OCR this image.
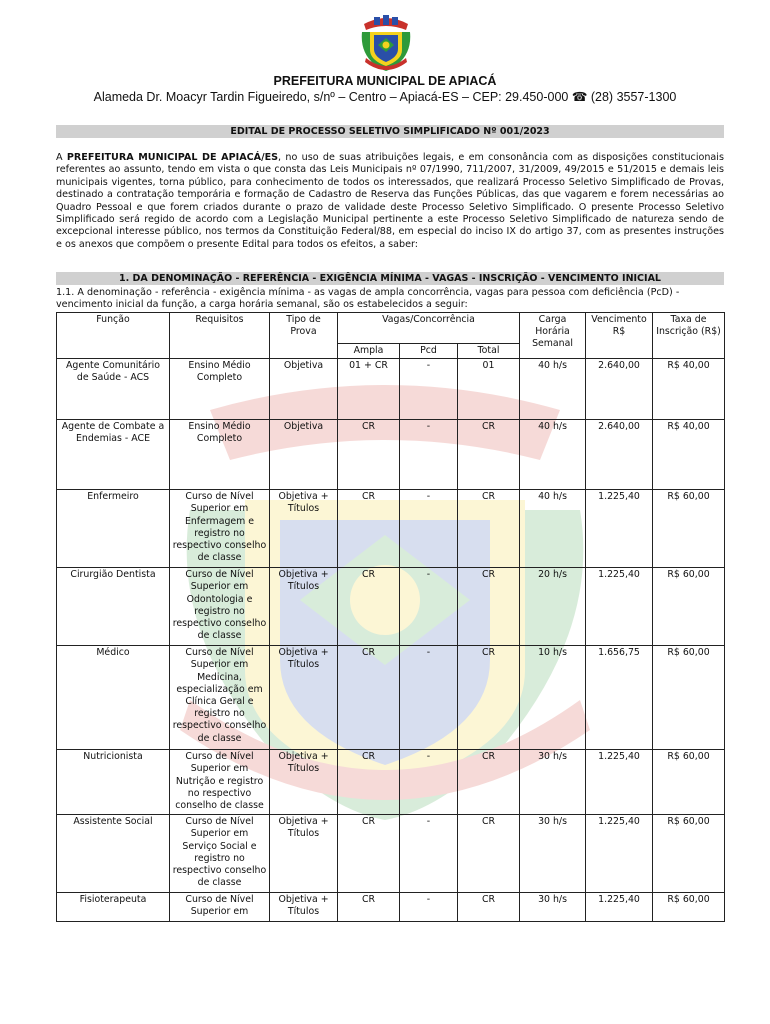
PREFEITURA MUNICIPAL DE APIACÁ
Alameda Dr. Moacyr Tardin Figueiredo, s/nº – Centro – Apiacá-ES – CEP: 29.450-000 ☎ (28) 3557-1300
EDITAL DE PROCESSO SELETIVO SIMPLIFICADO Nº 001/2023
A PREFEITURA MUNICIPAL DE APIACÁ/ES, no uso de suas atribuições legais, e em consonância com as disposições constitucionais referentes ao assunto, tendo em vista o que consta das Leis Municipais nº 07/1990, 711/2007, 31/2009, 49/2015 e 51/2015 e demais leis municipais vigentes, torna público, para conhecimento de todos os interessados, que realizará Processo Seletivo Simplificado de Provas, destinado a contratação temporária e formação de Cadastro de Reserva das Funções Públicas, das que vagarem e forem necessárias ao Quadro Pessoal e que forem criados durante o prazo de validade deste Processo Seletivo Simplificado. O presente Processo Seletivo Simplificado será regido de acordo com a Legislação Municipal pertinente a este Processo Seletivo Simplificado de natureza sendo de excepcional interesse público, nos termos da Constituição Federal/88, em especial do inciso IX do artigo 37, com as presentes instruções e os anexos que compõem o presente Edital para todos os efeitos, a saber:
1. DA DENOMINAÇÃO - REFERÊNCIA - EXIGÊNCIA MÍNIMA - VAGAS - INSCRIÇÃO - VENCIMENTO INICIAL
1.1. A denominação - referência - exigência mínima - as vagas de ampla concorrência, vagas para pessoa com deficiência (PcD) - vencimento inicial da função, a carga horária semanal, são os estabelecidos a seguir:
Função	Requisitos	Tipo de Prova	Vagas/Concorrência			Carga Horária Semanal	Vencimento R$	Taxa de Inscrição (R$)
			Ampla	Pcd	Total			
Agente Comunitário de Saúde - ACS	Ensino Médio Completo	Objetiva	01 + CR	-	01	40 h/s	2.640,00	R$ 40,00
Agente de Combate a Endemias - ACE	Ensino Médio Completo	Objetiva	CR	-	CR	40 h/s	2.640,00	R$ 40,00
Enfermeiro	Curso de Nível Superior em Enfermagem e registro no respectivo conselho de classe	Objetiva + Títulos	CR	-	CR	40 h/s	1.225,40	R$ 60,00
Cirurgião Dentista	Curso de Nível Superior em Odontologia e registro no respectivo conselho de classe	Objetiva + Títulos	CR	-	CR	20 h/s	1.225,40	R$ 60,00
Médico	Curso de Nível Superior em Medicina, especialização em Clínica Geral e registro no respectivo conselho de classe	Objetiva + Títulos	CR	-	CR	10 h/s	1.656,75	R$ 60,00
Nutricionista	Curso de Nível Superior em Nutrição e registro no respectivo conselho de classe	Objetiva + Títulos	CR	-	CR	30 h/s	1.225,40	R$ 60,00
Assistente Social	Curso de Nível Superior em Serviço Social e registro no respectivo conselho de classe	Objetiva + Títulos	CR	-	CR	30 h/s	1.225,40	R$ 60,00
Fisioterapeuta	Curso de Nível Superior em	Objetiva + Títulos	CR	-	CR	30 h/s	1.225,40	R$ 60,00
